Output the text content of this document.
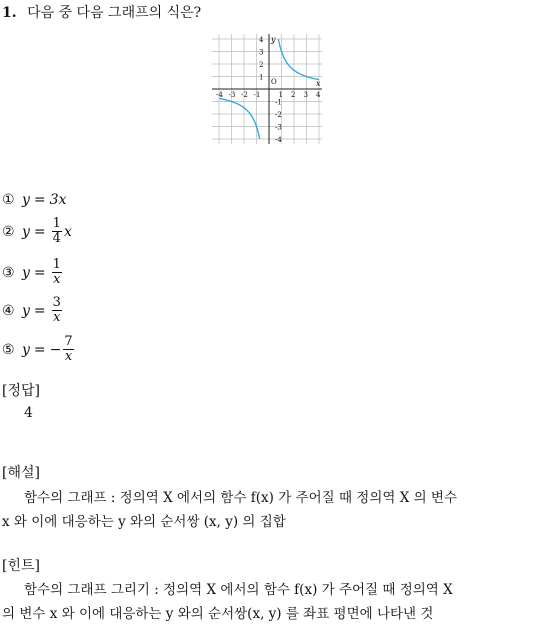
1. 다음 중 다음 그래프의 식은?
-4 -3 -2 -1	1 2 3 4
4
3
2
1
-1
-2
-3
-4
y
x
O
① y = 3x
② $y = \frac{1}{4}$ x
③ $y = \frac{1}{x}$
④ $y = \frac{3}{x}$
⑤ y = − $\frac{7}{x}$
[정답]
4
[해설]
함수의 그래프 : 정의역 X 에서의 함수 f(x) 가 주어질 때 정의역 X 의 변수
x 와 이에 대응하는 y 와의 순서쌍 (x, y) 의 집합
[힌트]
함수의 그래프 그리기 : 정의역 X 에서의 함수 f(x) 가 주어질 때 정의역 X
의 변수 x 와 이에 대응하는 y 와의 순서쌍(x, y) 를 좌표 평면에 나타낸 것
